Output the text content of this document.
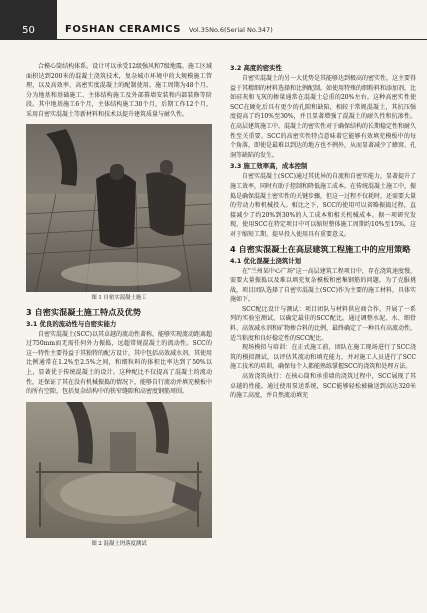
50	FOSHAN CERAMICS Vol.35No.6(Serial No.347)

合模心筒结构体系。设计可以承受12级强风和7级地震。施工区域面积达到200米的混凝土浇筑技术，复杂城市环境中的大规模施工管理，以及高效率、高密实度混凝土的配制使用。施工周期为48个月，分为地基和基础施工、主体结构施工及外部幕墙安装和内部装修等阶段。其中地基施工6个月，主体结构施工30个月，后期工作12个月，采用自密实混凝土等新材料和技术以提升建筑质量与耐久性。

图 1 自密实混凝土施工

3 自密实混凝土施工特点及优势
3.1 优良的流动性与自密实能力

自密实混凝土(SCC)以其卓越的流动性著称，能够实现流动距离超过750mm而无需任何外力振捣，远超常规混凝土的流动性。SCC的这一特性主要得益于其独特的配方设计，其中包括高效减水剂，其使用比例通常在1.2%至2.5%之间，和细粒料的体积比率达到了50%以上，显著优于传统混凝土的设计。这种配比不仅提高了混凝土的流动性，还保证了其在没有机械振捣的情况下，能够自行流动并填充模板中的所有空隙，包括复杂结构中的狭窄缝隙和高密度钢筋周围。

图 2 混凝土坍落度测试

3.2 高度的密实性

自密实混凝土的另一大优势是其能够达到极高的密实性，这主要得益于其精细的材料选择和比例配制。如使用特殊的细粉料和添加剂，比如硅灰和飞灰的掺量通常在混凝土总重的20%左右。这种高密实性使SCC在硬化后具有更少的孔隙和缺陷，相较于常规混凝土，其抗压强度提高了约10%至30%，并且显著增强了混凝土的耐久性和抗渗性。在高层建筑施工中，混凝土的密实性对于确保结构的长期稳定性和耐久性至关重要。SCC的高密实性特点意味着它能够有效填充模板中的每个角落，即使是最难以到达的地方也不例外，从而显著减少了蜂窝、孔洞等缺陷的发生。

3.3 施工效率高，成本控制

自密实混凝土(SCC)通过其优异的自流和自密实能力，显著提升了施工效率，同时有助于控制和降低施工成本。在传统混凝土施工中，振捣是确保混凝土密实性的关键步骤，但这一过程不仅耗时，还需要大量的劳动力和机械投入。相比之下，SCC的使用可以省略振捣过程，直接减少了约20%到30%的人工成本和相关机械成本。据一项研究发现，使用SCC在特定项目中可以缩短整体施工周期约10%至15%，这对于缩短工期、提早投入使用具有重要意义。

4 自密实混凝土在高层建筑工程施工中的应用策略
4.1 优化混凝土浇筑计划

在"兰州某中心广场"这一高层建筑工程项目中，存在浇筑速度慢，需要大量振捣以及难以填充复杂模板和密集钢筋的问题。为了克服挑战，项目团队选择了自密实混凝土(SCC)作为主要的施工材料，具体实施如下。

SCC配比设计与测试：项目团队与材料供应商合作，开展了一系列的实验室测试，以确定最佳的SCC配比。通过调整水泥、水、细骨料、高效减水剂和矿物掺合料的比例，最终确定了一种具有高流动性、适当粘度和良好稳定性的SCC配比。

现场模拟与培训：在正式施工前，团队在施工现场进行了SCC浇筑的模拟测试，以评估其流动和填充能力，并对施工人员进行了SCC施工技术的培训，确保每个人都能熟练掌握SCC的浇筑和处理方法。

高效浇筑执行：在核心筒和承重墙的浇筑过程中，SCC展现了其卓越的性能。通过使用泵送系统，SCC能够轻松被输送到高达320米的施工高度，并自然流动填充
